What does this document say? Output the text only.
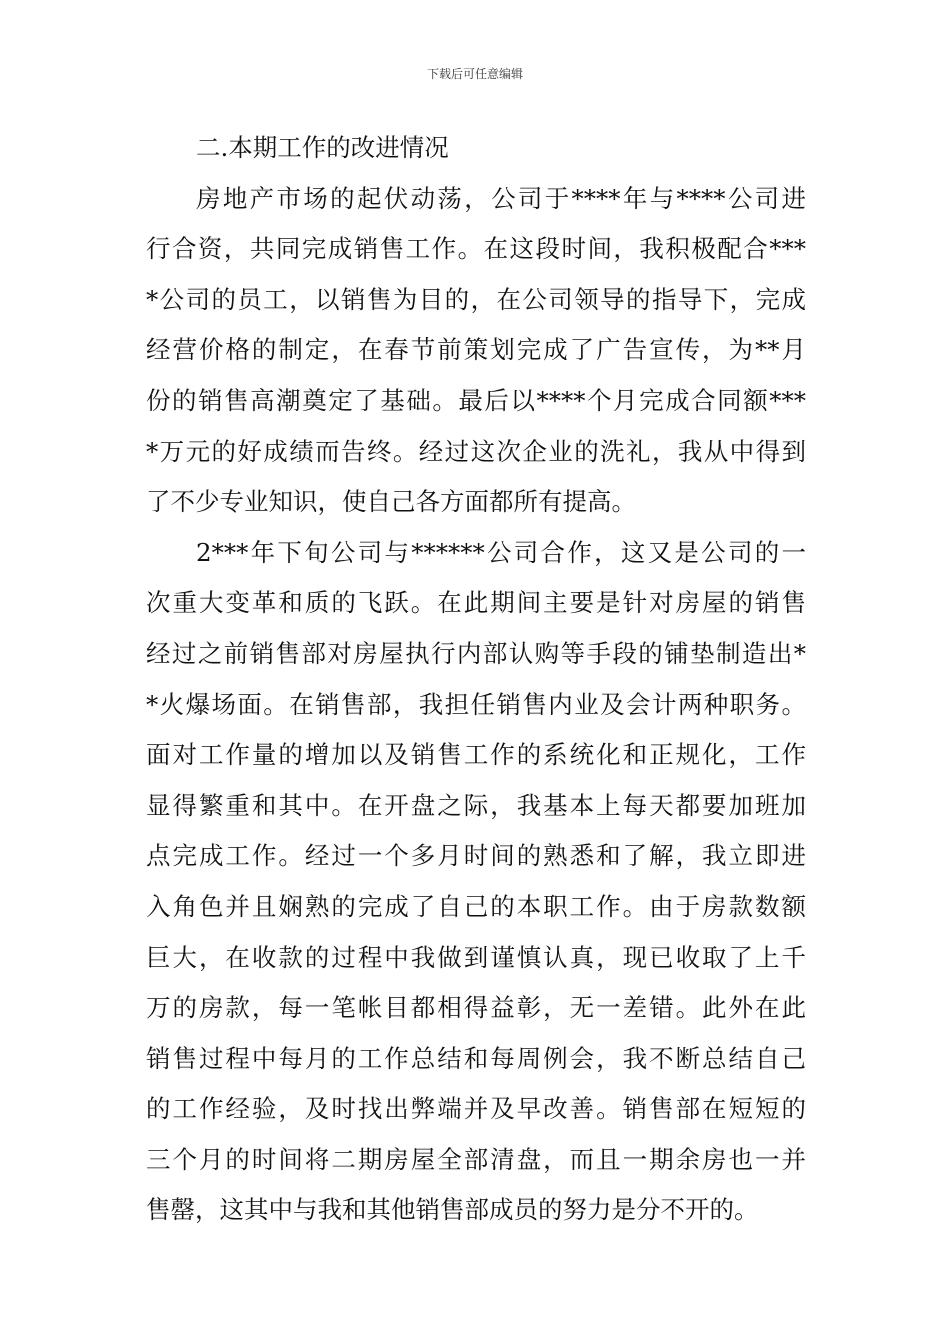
下载后可任意编辑
二.本期工作的改进情况
房地产市场的起伏动荡，公司于****年与****公司进
行合资，共同完成销售工作。在这段时间，我积极配合***
*公司的员工，以销售为目的，在公司领导的指导下，完成
经营价格的制定，在春节前策划完成了广告宣传，为**月
份的销售高潮奠定了基础。最后以****个月完成合同额***
*万元的好成绩而告终。经过这次企业的洗礼，我从中得到
了不少专业知识，使自己各方面都所有提高。
2***年下旬公司与******公司合作，这又是公司的一
次重大变革和质的飞跃。在此期间主要是针对房屋的销售
经过之前销售部对房屋执行内部认购等手段的铺垫制造出*
*火爆场面。在销售部，我担任销售内业及会计两种职务。
面对工作量的增加以及销售工作的系统化和正规化，工作
显得繁重和其中。在开盘之际，我基本上每天都要加班加
点完成工作。经过一个多月时间的熟悉和了解，我立即进
入角色并且娴熟的完成了自己的本职工作。由于房款数额
巨大，在收款的过程中我做到谨慎认真，现已收取了上千
万的房款，每一笔帐目都相得益彰，无一差错。此外在此
销售过程中每月的工作总结和每周例会，我不断总结自己
的工作经验，及时找出弊端并及早改善。销售部在短短的
三个月的时间将二期房屋全部清盘，而且一期余房也一并
售罄，这其中与我和其他销售部成员的努力是分不开的。
